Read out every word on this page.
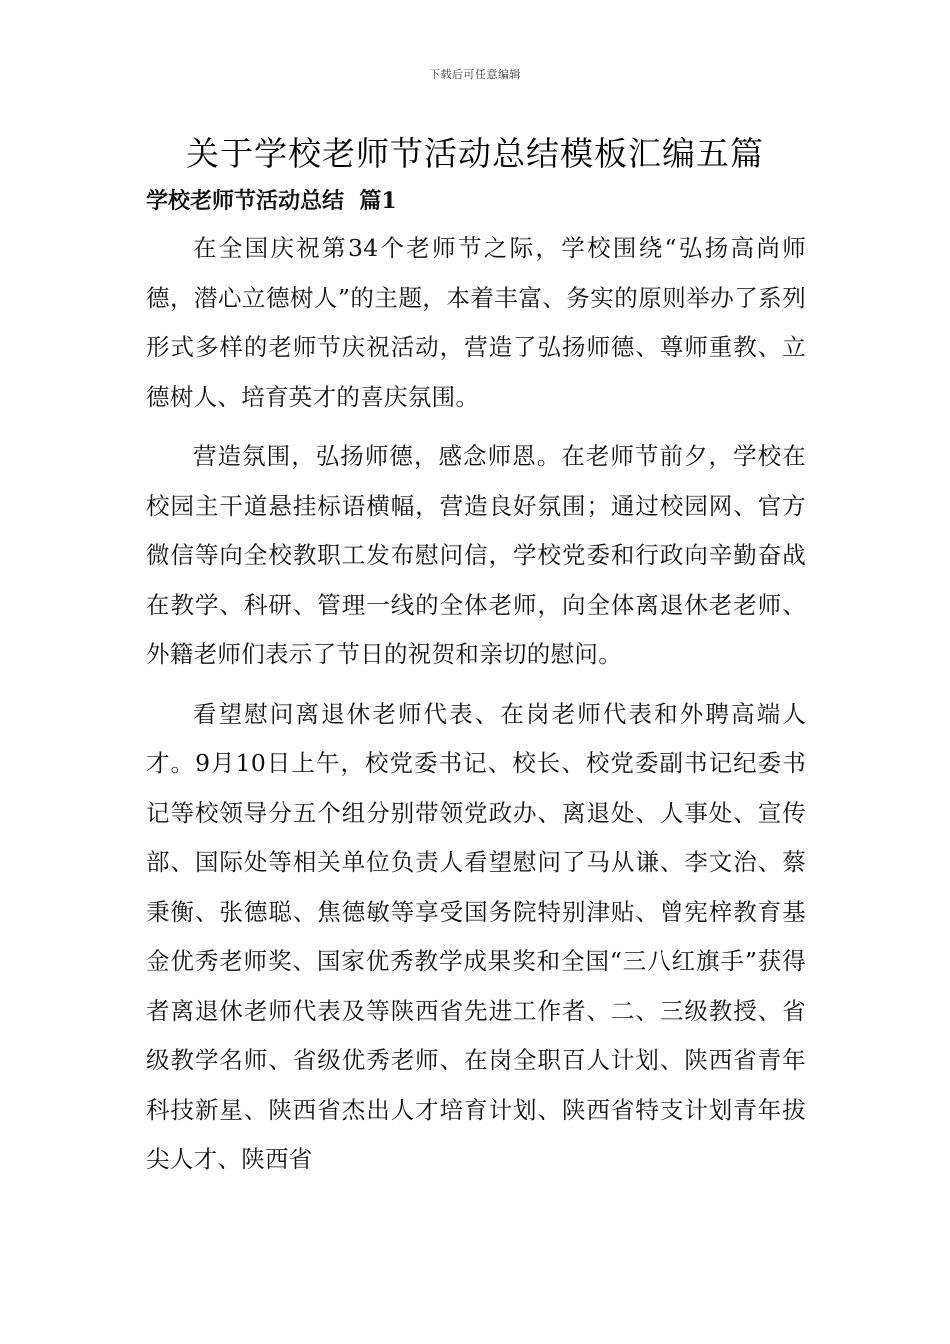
下载后可任意编辑
关于学校老师节活动总结模板汇编五篇
学校老师节活动总结  篇1

在全国庆祝第34个老师节之际，学校围绕“弘扬高尚师德，潜心立德树人”的主题，本着丰富、务实的原则举办了系列形式多样的老师节庆祝活动，营造了弘扬师德、尊师重教、立德树人、培育英才的喜庆氛围。

营造氛围，弘扬师德，感念师恩。在老师节前夕，学校在校园主干道悬挂标语横幅，营造良好氛围；通过校园网、官方微信等向全校教职工发布慰问信，学校党委和行政向辛勤奋战在教学、科研、管理一线的全体老师，向全体离退休老老师、外籍老师们表示了节日的祝贺和亲切的慰问。

看望慰问离退休老师代表、在岗老师代表和外聘高端人才。9月10日上午，校党委书记、校长、校党委副书记纪委书记等校领导分五个组分别带领党政办、离退处、人事处、宣传部、国际处等相关单位负责人看望慰问了马从谦、李文治、蔡秉衡、张德聪、焦德敏等享受国务院特别津贴、曾宪梓教育基金优秀老师奖、国家优秀教学成果奖和全国“三八红旗手”获得者离退休老师代表及等陕西省先进工作者、二、三级教授、省级教学名师、省级优秀老师、在岗全职百人计划、陕西省青年科技新星、陕西省杰出人才培育计划、陕西省特支计划青年拔尖人才、陕西省
